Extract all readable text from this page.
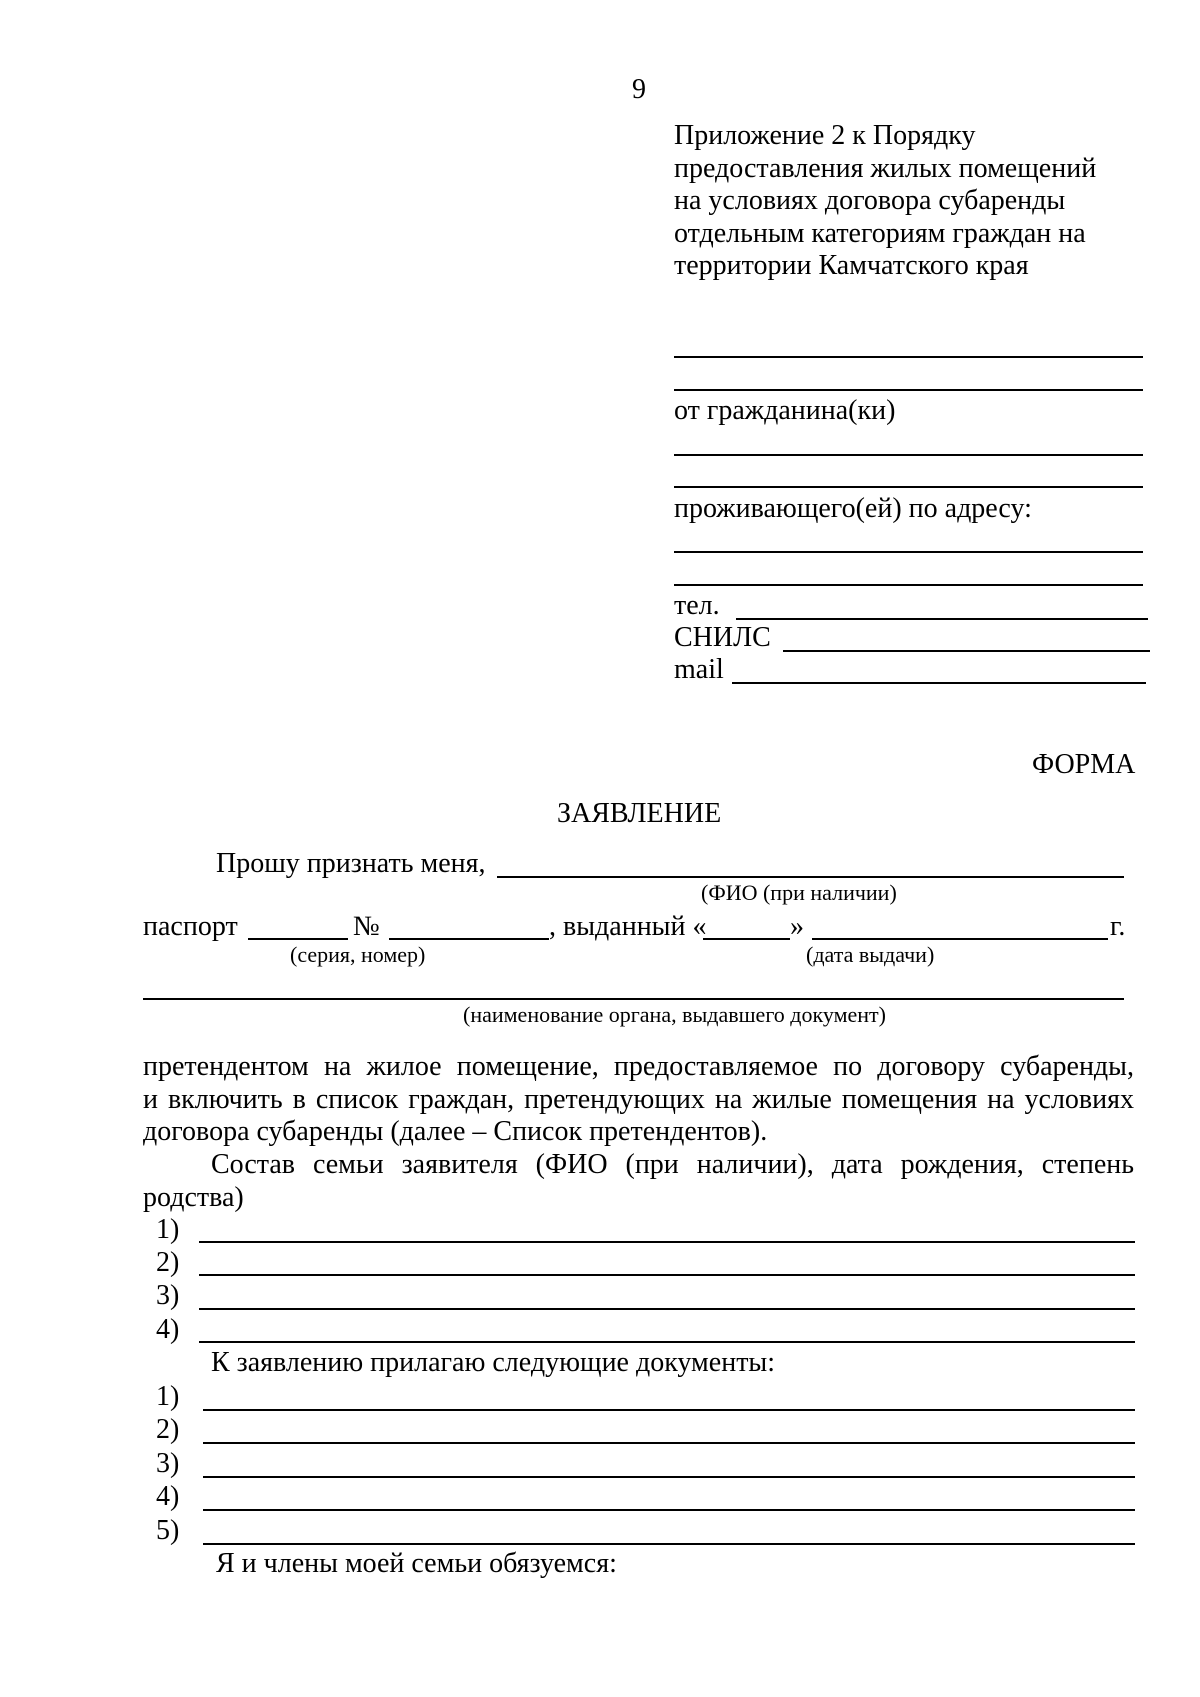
9
Приложение 2 к Порядку
предоставления жилых помещений
на условиях договора субаренды
отдельным категориям граждан на
территории Камчатского края
от гражданина(ки)
проживающего(ей) по адресу:
тел.
СНИЛС
mail
ФОРМА
ЗАЯВЛЕНИЕ
Прошу признать меня,
(ФИО (при наличии)
паспорт	№	, выданный «	»	г.
(серия, номер)	(дата выдачи)
(наименование органа, выдавшего документ)
претендентом на жилое помещение, предоставляемое по договору субаренды,
и включить в список граждан, претендующих на жилые помещения на условиях
договора субаренды (далее – Список претендентов).
Состав семьи заявителя (ФИО (при наличии), дата рождения, степень
родства)
1)
2)
3)
4)
К заявлению прилагаю следующие документы:
1)
2)
3)
4)
5)
Я и члены моей семьи обязуемся:
